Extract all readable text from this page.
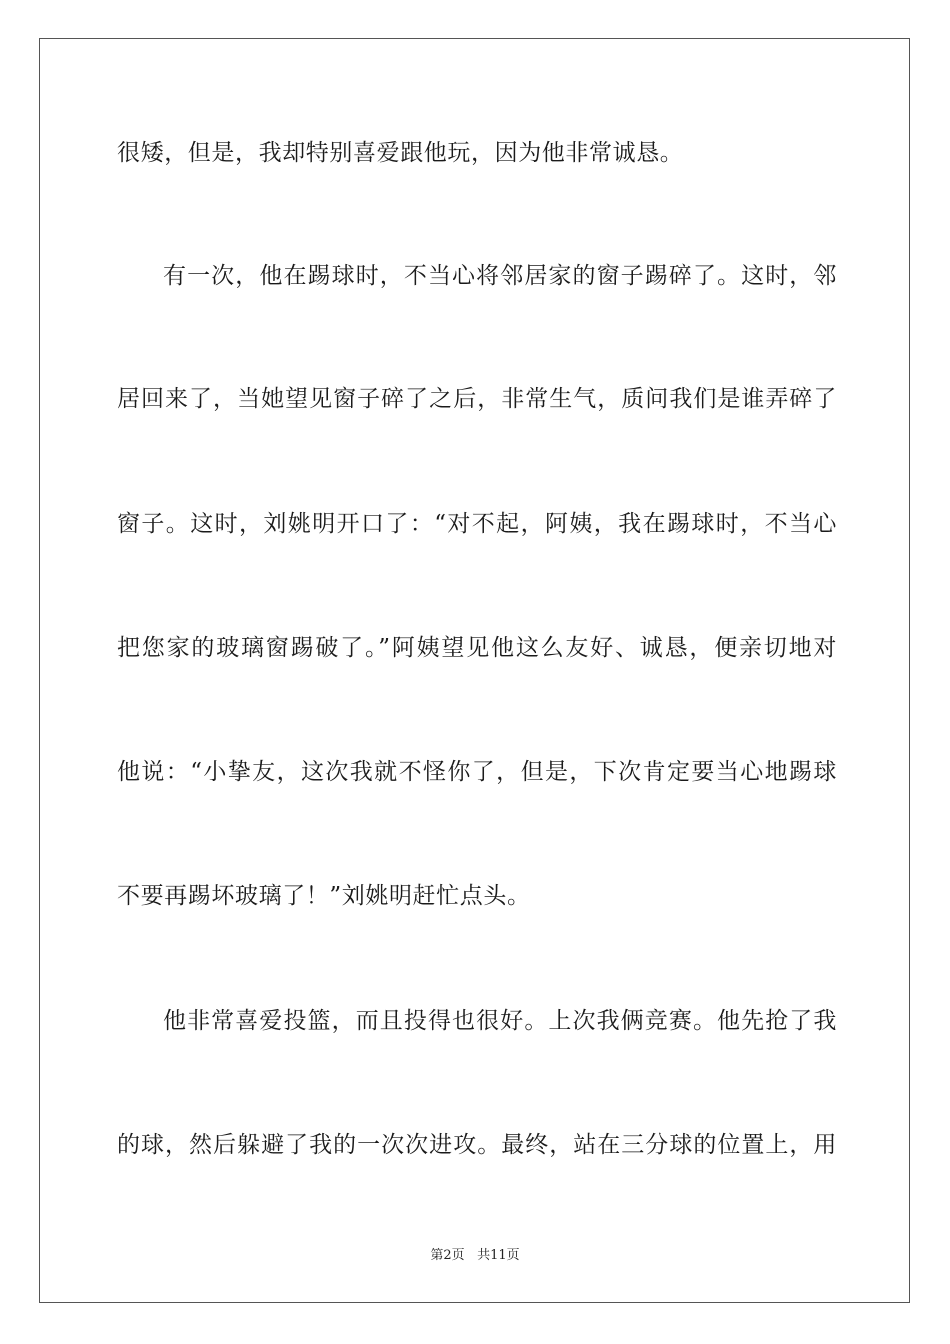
很矮，但是，我却特别喜爱跟他玩，因为他非常诚恳。
有一次，他在踢球时，不当心将邻居家的窗子踢碎了。这时，邻
居回来了，当她望见窗子碎了之后，非常生气，质问我们是谁弄碎了
窗子。这时，刘姚明开口了：“对不起，阿姨，我在踢球时，不当心
把您家的玻璃窗踢破了。”阿姨望见他这么友好、诚恳，便亲切地对
他说：“小挚友，这次我就不怪你了，但是，下次肯定要当心地踢球
不要再踢坏玻璃了！”刘姚明赶忙点头。
他非常喜爱投篮，而且投得也很好。上次我俩竞赛。他先抢了我
的球，然后躲避了我的一次次进攻。最终，站在三分球的位置上，用
第2页 共11页
